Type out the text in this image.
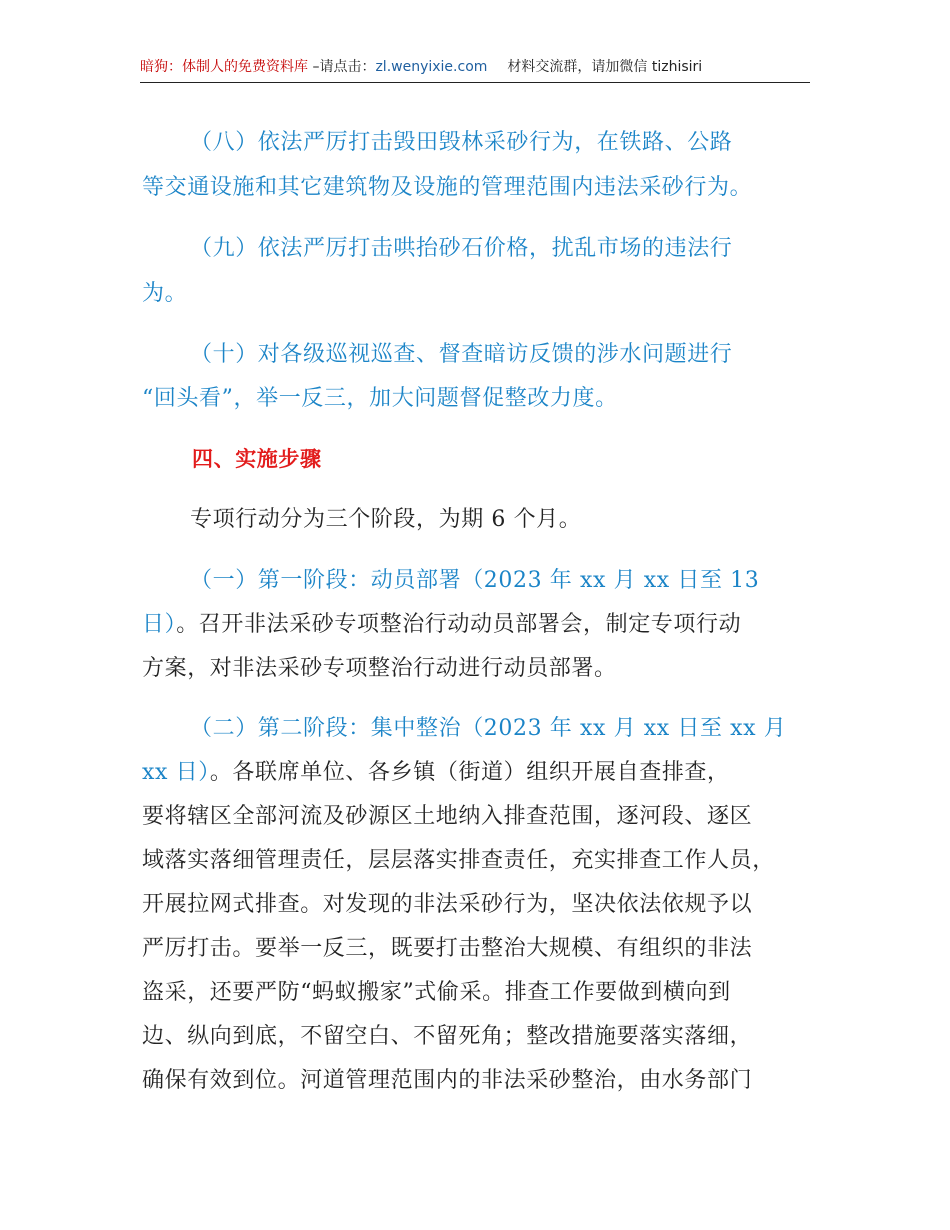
暗狗：体制人的免费资料库 –请点击：zl.wenyixie.com 材料交流群，请加微信 tizhisiri
（八）依法严厉打击毁田毁林采砂行为，在铁路、公路
等交通设施和其它建筑物及设施的管理范围内违法采砂行为。
（九）依法严厉打击哄抬砂石价格，扰乱市场的违法行
为。
（十）对各级巡视巡查、督查暗访反馈的涉水问题进行
“回头看”，举一反三，加大问题督促整改力度。
四、实施步骤
专项行动分为三个阶段，为期 6 个月。
（一）第一阶段：动员部署（2023 年 xx 月 xx 日至 13
日）。召开非法采砂专项整治行动动员部署会，制定专项行动
方案，对非法采砂专项整治行动进行动员部署。
（二）第二阶段：集中整治（2023 年 xx 月 xx 日至 xx 月
xx 日）。各联席单位、各乡镇（街道）组织开展自查排查，
要将辖区全部河流及砂源区土地纳入排查范围，逐河段、逐区
域落实落细管理责任，层层落实排查责任，充实排查工作人员，
开展拉网式排查。对发现的非法采砂行为，坚决依法依规予以
严厉打击。要举一反三，既要打击整治大规模、有组织的非法
盗采，还要严防“蚂蚁搬家”式偷采。排查工作要做到横向到
边、纵向到底，不留空白、不留死角；整改措施要落实落细，
确保有效到位。河道管理范围内的非法采砂整治，由水务部门
